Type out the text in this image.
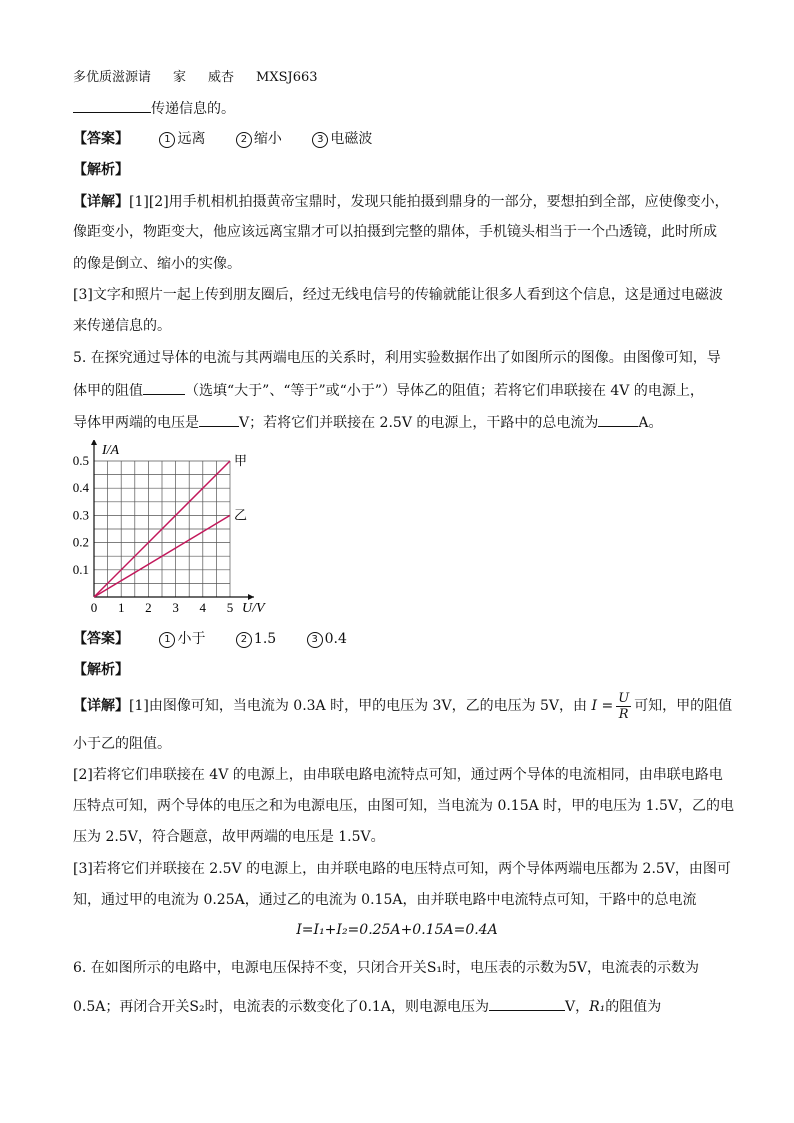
多优质滋源请 家 威杏 MXSJ663
传递信息的。
【答案】	1 远离	2 缩小	3 电磁波
【解析】
【详解】[1][2]用手机相机拍摄黄帝宝鼎时，发现只能拍摄到鼎身的一部分，要想拍到全部，应使像变小，
像距变小，物距变大，他应该远离宝鼎才可以拍摄到完整的鼎体，手机镜头相当于一个凸透镜，此时所成
的像是倒立、缩小的实像。
[3]文字和照片一起上传到朋友圈后，经过无线电信号的传输就能让很多人看到这个信息，这是通过电磁波
来传递信息的。
5. 在探究通过导体的电流与其两端电压的关系时，利用实验数据作出了如图所示的图像。由图像可知，导
体甲的阻值	（选填“大于”、“等于”或“小于”）导体乙的阻值；若将它们串联接在 4V 的电源上，
导体甲两端的电压是	V；若将它们并联接在 2.5V 的电源上，干路中的总电流为	A。
0 1 2 3 4 5
0.1
0.2
0.3
0.4
0.5	甲
乙
I/A
U/V
【答案】	1 小于	2 1.5	3 0.4
【解析】
【详解】[1]由图像可知，当电流为 0.3A 时，甲的电压为 3V，乙的电压为 5V，由 $I = \frac{U}{R}$ 可知，甲的阻值
小于乙的阻值。
[2]若将它们串联接在 4V 的电源上，由串联电路电流特点可知，通过两个导体的电流相同，由串联电路电
压特点可知，两个导体的电压之和为电源电压，由图可知，当电流为 0.15A 时，甲的电压为 1.5V，乙的电
压为 2.5V，符合题意，故甲两端的电压是 1.5V。
[3]若将它们并联接在 2.5V 的电源上，由并联电路的电压特点可知，两个导体两端电压都为 2.5V，由图可
知，通过甲的电流为 0.25A，通过乙的电流为 0.15A，由并联电路中电流特点可知，干路中的总电流
I=I₁+I₂=0.25A+0.15A=0.4A
6. 在如图所示的电路中，电源电压保持不变，只闭合开关S₁时，电压表的示数为5V，电流表的示数为
0.5A；再闭合开关S₂时，电流表的示数变化了0.1A，则电源电压为	V，R₁的阻值为
